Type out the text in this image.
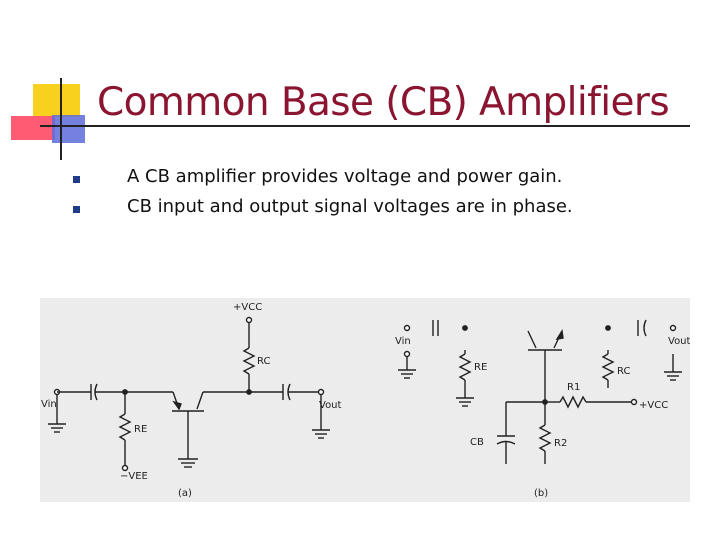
Common Base (CB) Amplifiers
A CB amplifier provides voltage and power gain.
CB input and output signal voltages are in phase.
+VCC
RC
Vin
RE
−VEE
Vout
(a)
Vin
RE	RC
Vout
R1
+VCC
CB	R2
(b)
